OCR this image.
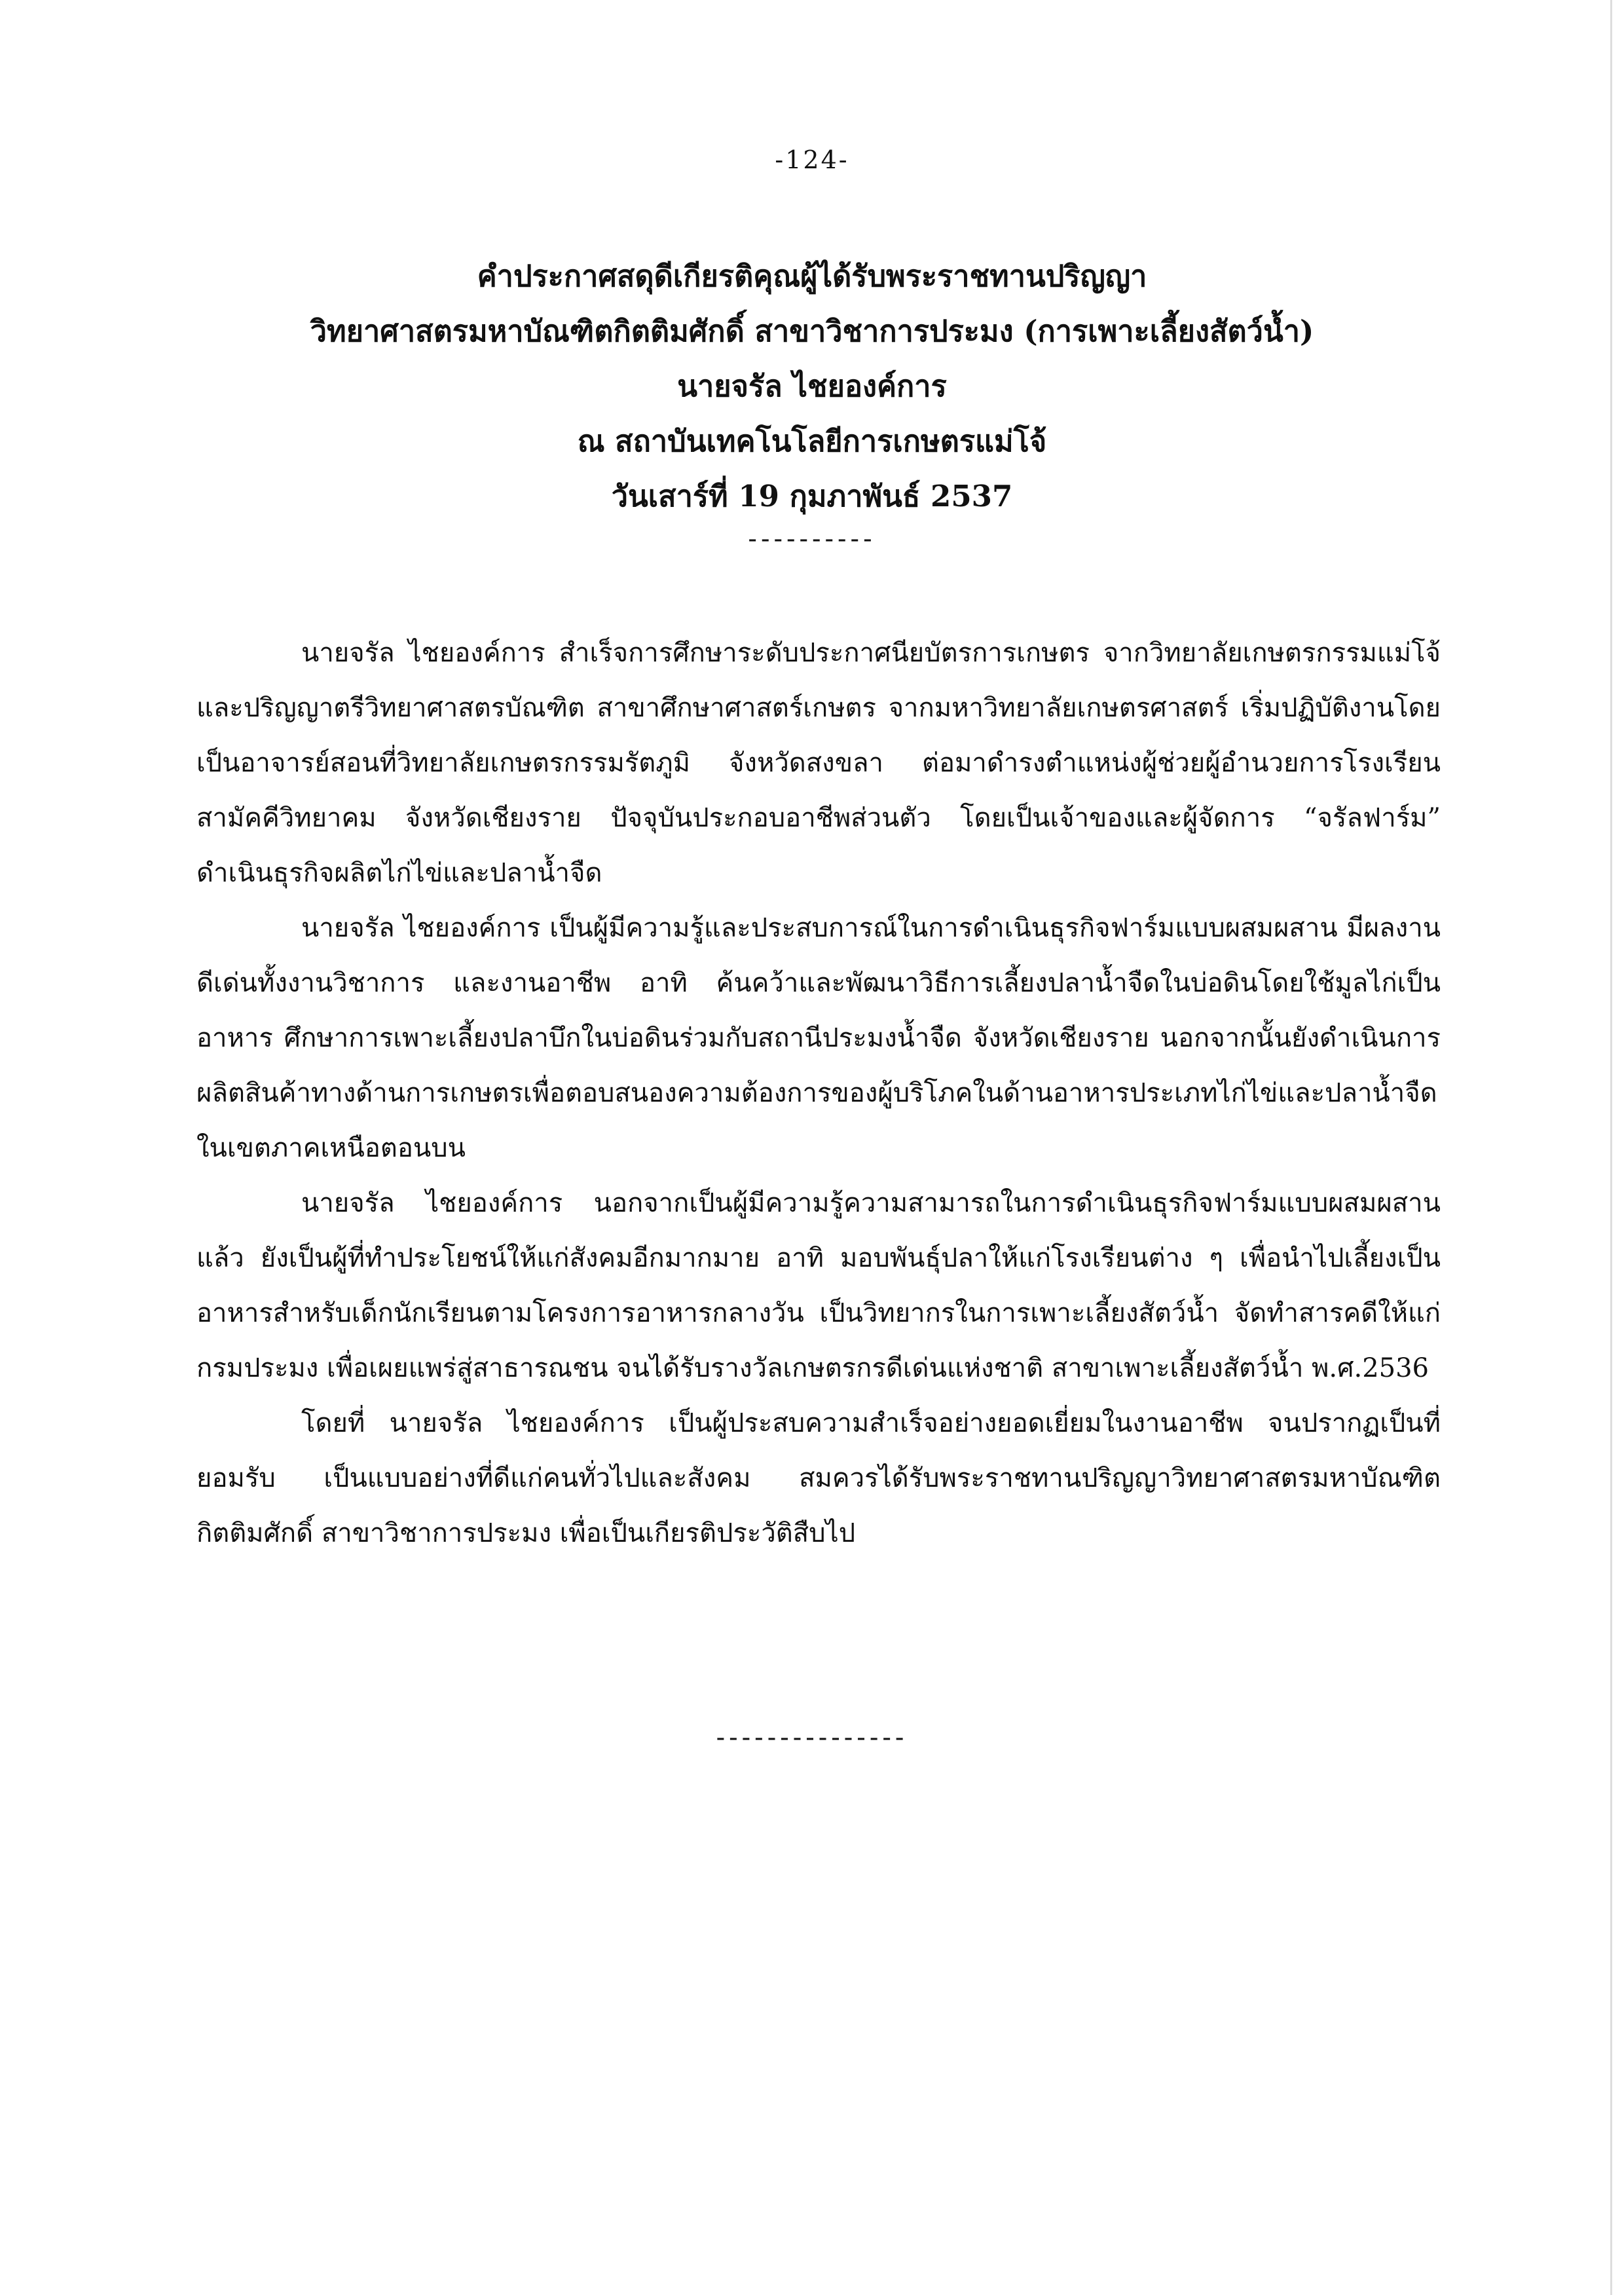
-124-
คำประกาศสดุดีเกียรติคุณผู้ได้รับพระราชทานปริญญา
วิทยาศาสตรมหาบัณฑิตกิตติมศักดิ์ สาขาวิชาการประมง (การเพาะเลี้ยงสัตว์น้ำ)
นายจรัล ไชยองค์การ
ณ สถาบันเทคโนโลยีการเกษตรแม่โจ้
วันเสาร์ที่ 19 กุมภาพันธ์ 2537
----------

นายจรัล ไชยองค์การ สำเร็จการศึกษาระดับประกาศนียบัตรการเกษตร จากวิทยาลัยเกษตรกรรมแม่โจ้ และปริญญาตรีวิทยาศาสตรบัณฑิต สาขาศึกษาศาสตร์เกษตร จากมหาวิทยาลัยเกษตรศาสตร์ เริ่มปฏิบัติงานโดยเป็นอาจารย์สอนที่วิทยาลัยเกษตรกรรมรัตภูมิ จังหวัดสงขลา ต่อมาดำรงตำแหน่งผู้ช่วยผู้อำนวยการโรงเรียนสามัคคีวิทยาคม จังหวัดเชียงราย ปัจจุบันประกอบอาชีพส่วนตัว โดยเป็นเจ้าของและผู้จัดการ “จรัลฟาร์ม” ดำเนินธุรกิจผลิตไก่ไข่และปลาน้ำจืด

นายจรัล ไชยองค์การ เป็นผู้มีความรู้และประสบการณ์ในการดำเนินธุรกิจฟาร์มแบบผสมผสาน มีผลงานดีเด่นทั้งงานวิชาการ และงานอาชีพ อาทิ ค้นคว้าและพัฒนาวิธีการเลี้ยงปลาน้ำจืดในบ่อดินโดยใช้มูลไก่เป็นอาหาร ศึกษาการเพาะเลี้ยงปลาบึกในบ่อดินร่วมกับสถานีประมงน้ำจืด จังหวัดเชียงราย นอกจากนั้นยังดำเนินการผลิตสินค้าทางด้านการเกษตรเพื่อตอบสนองความต้องการของผู้บริโภคในด้านอาหารประเภทไก่ไข่และปลาน้ำจืดในเขตภาคเหนือตอนบน

นายจรัล ไชยองค์การ นอกจากเป็นผู้มีความรู้ความสามารถในการดำเนินธุรกิจฟาร์มแบบผสมผสานแล้ว ยังเป็นผู้ที่ทำประโยชน์ให้แก่สังคมอีกมากมาย อาทิ มอบพันธุ์ปลาให้แก่โรงเรียนต่าง ๆ เพื่อนำไปเลี้ยงเป็นอาหารสำหรับเด็กนักเรียนตามโครงการอาหารกลางวัน เป็นวิทยากรในการเพาะเลี้ยงสัตว์น้ำ จัดทำสารคดีให้แก่กรมประมง เพื่อเผยแพร่สู่สาธารณชน จนได้รับรางวัลเกษตรกรดีเด่นแห่งชาติ สาขาเพาะเลี้ยงสัตว์น้ำ พ.ศ.2536

โดยที่ นายจรัล ไชยองค์การ เป็นผู้ประสบความสำเร็จอย่างยอดเยี่ยมในงานอาชีพ จนปรากฏเป็นที่ยอมรับ เป็นแบบอย่างที่ดีแก่คนทั่วไปและสังคม สมควรได้รับพระราชทานปริญญาวิทยาศาสตรมหาบัณฑิตกิตติมศักดิ์ สาขาวิชาการประมง เพื่อเป็นเกียรติประวัติสืบไป

---------------
